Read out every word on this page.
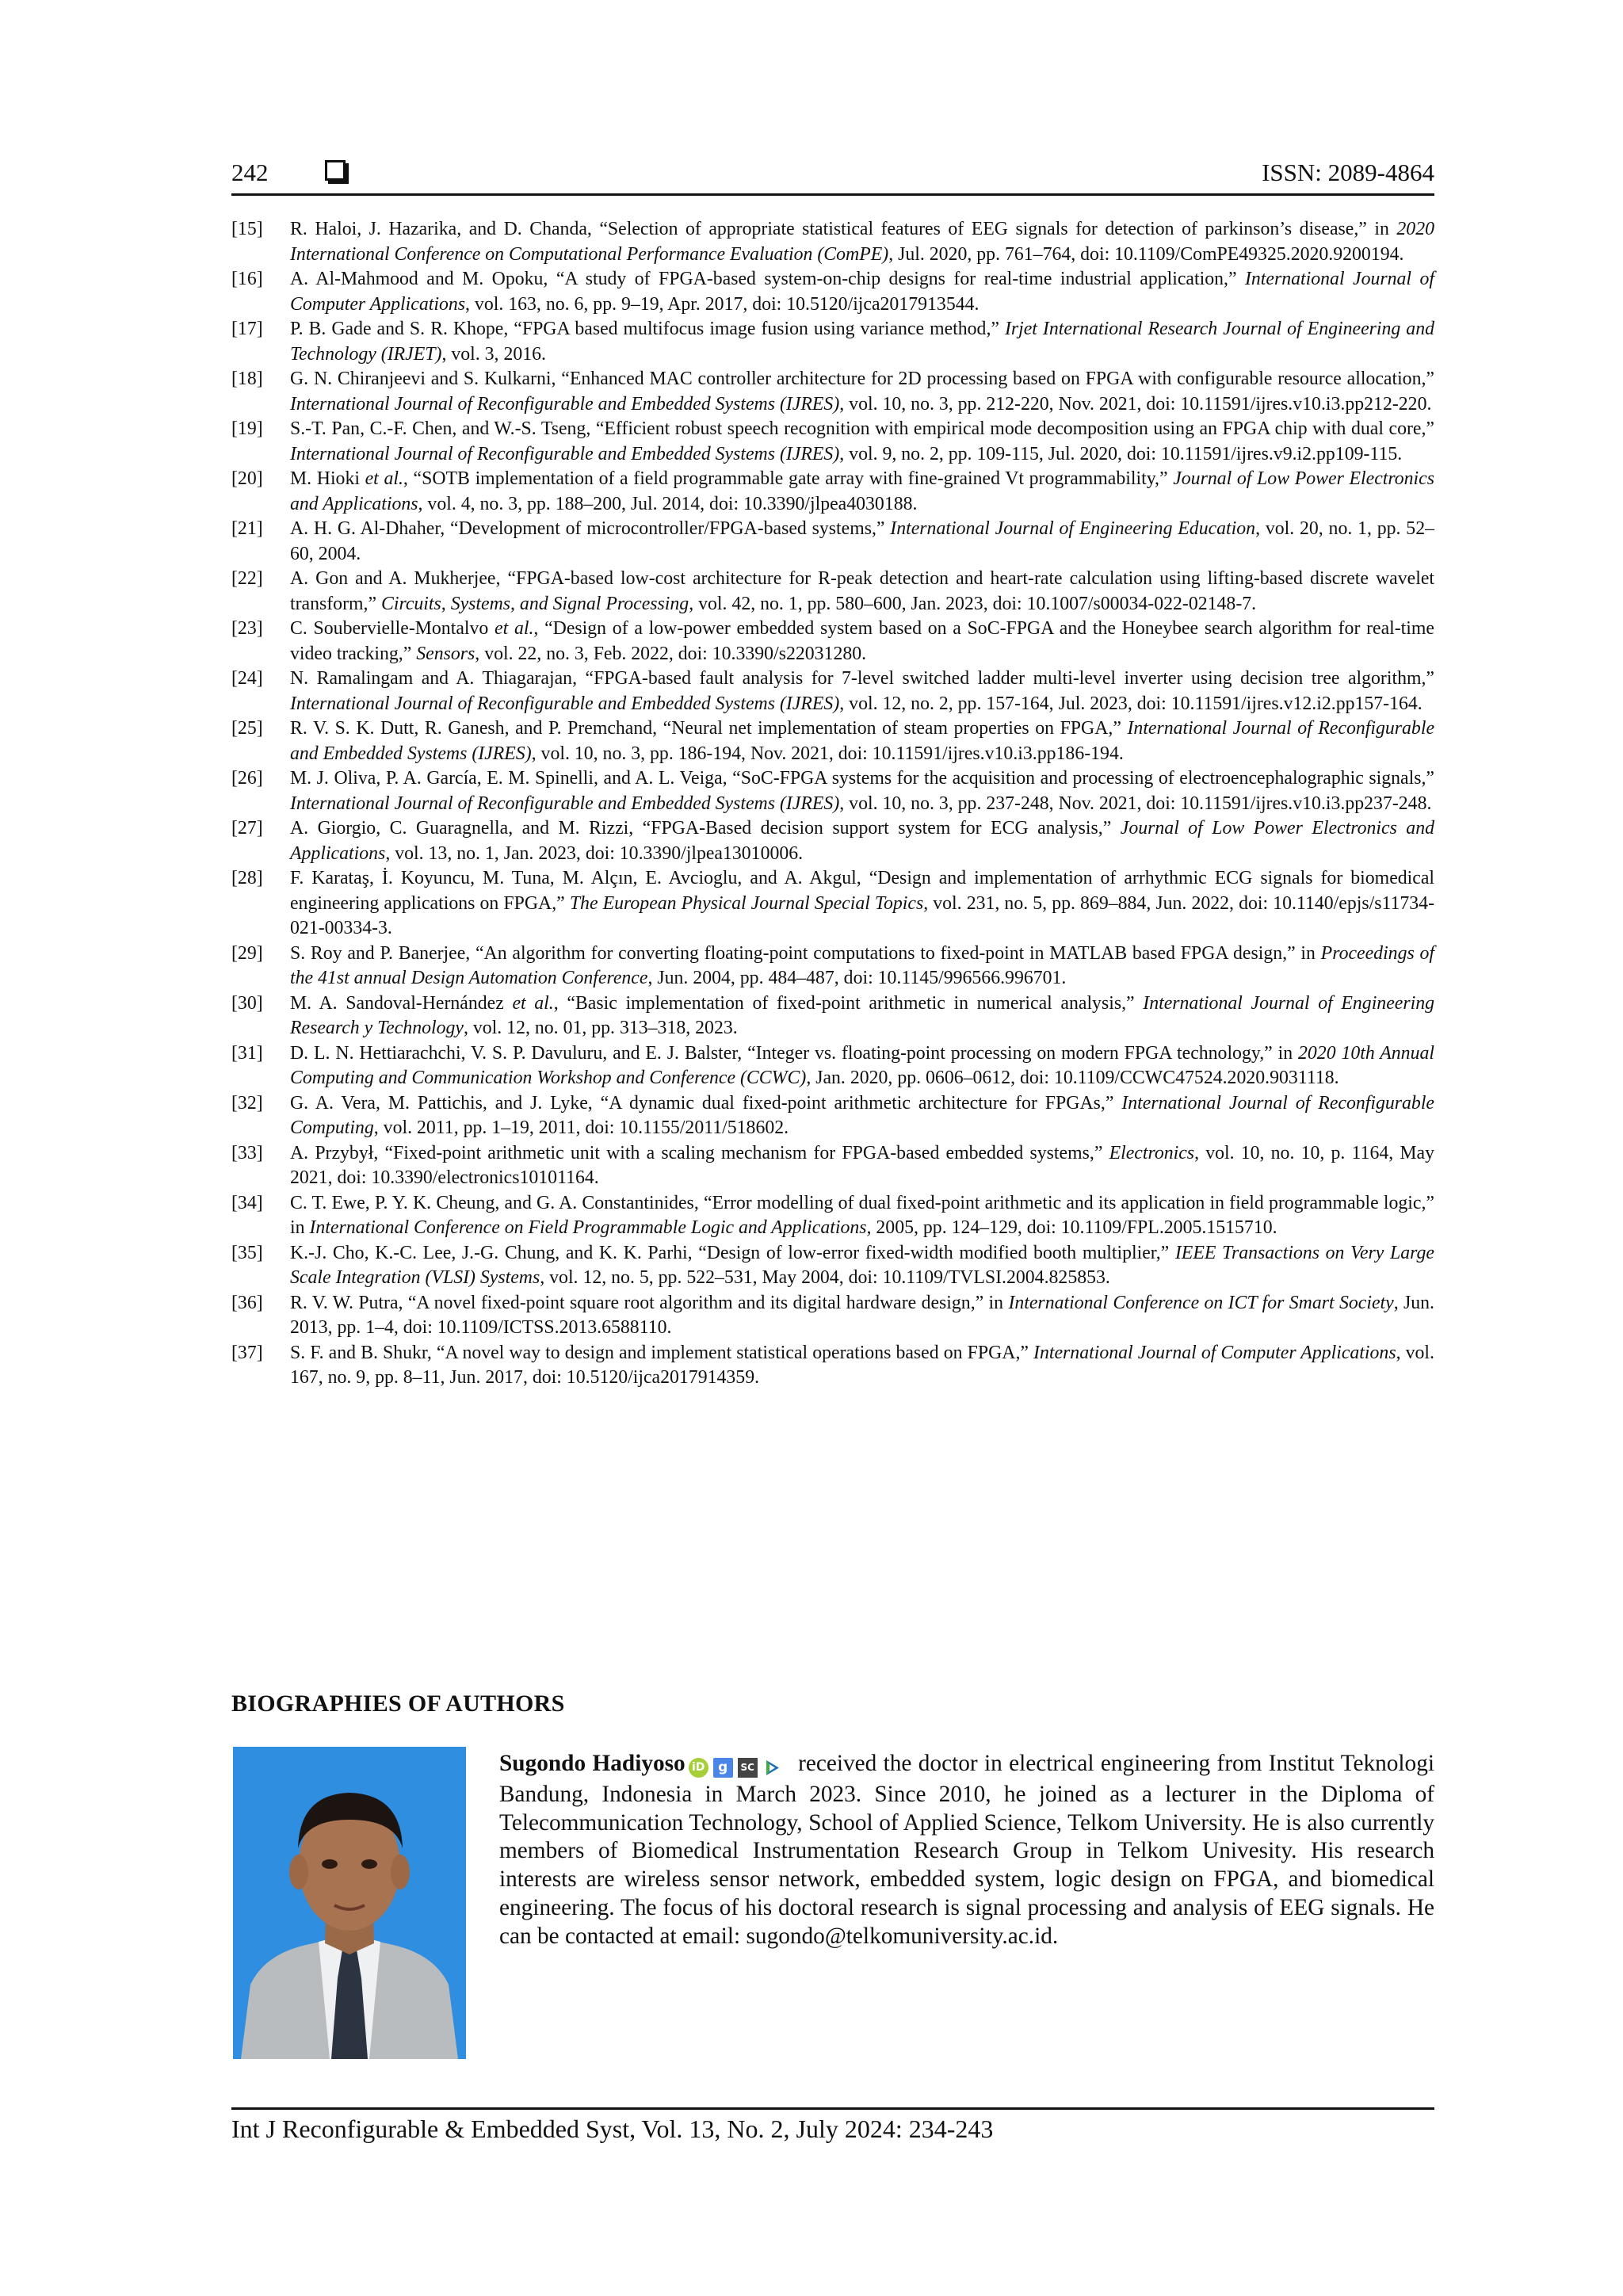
242	ISSN: 2089-4864
[15]	R. Haloi, J. Hazarika, and D. Chanda, “Selection of appropriate statistical features of EEG signals for detection of parkinson’s disease,” in 2020 International Conference on Computational Performance Evaluation (ComPE), Jul. 2020, pp. 761–764, doi: 10.1109/ComPE49325.2020.9200194.
[16]	A. Al-Mahmood and M. Opoku, “A study of FPGA-based system-on-chip designs for real-time industrial application,” International Journal of Computer Applications, vol. 163, no. 6, pp. 9–19, Apr. 2017, doi: 10.5120/ijca2017913544.
[17]	P. B. Gade and S. R. Khope, “FPGA based multifocus image fusion using variance method,” Irjet International Research Journal of Engineering and Technology (IRJET), vol. 3, 2016.
[18]	G. N. Chiranjeevi and S. Kulkarni, “Enhanced MAC controller architecture for 2D processing based on FPGA with configurable resource allocation,” International Journal of Reconfigurable and Embedded Systems (IJRES), vol. 10, no. 3, pp. 212-220, Nov. 2021, doi: 10.11591/ijres.v10.i3.pp212-220.
[19]	S.-T. Pan, C.-F. Chen, and W.-S. Tseng, “Efficient robust speech recognition with empirical mode decomposition using an FPGA chip with dual core,” International Journal of Reconfigurable and Embedded Systems (IJRES), vol. 9, no. 2, pp. 109-115, Jul. 2020, doi: 10.11591/ijres.v9.i2.pp109-115.
[20]	M. Hioki et al., “SOTB implementation of a field programmable gate array with fine-grained Vt programmability,” Journal of Low Power Electronics and Applications, vol. 4, no. 3, pp. 188–200, Jul. 2014, doi: 10.3390/jlpea4030188.
[21]	A. H. G. Al-Dhaher, “Development of microcontroller/FPGA-based systems,” International Journal of Engineering Education, vol. 20, no. 1, pp. 52–60, 2004.
[22]	A. Gon and A. Mukherjee, “FPGA-based low-cost architecture for R-peak detection and heart-rate calculation using lifting-based discrete wavelet transform,” Circuits, Systems, and Signal Processing, vol. 42, no. 1, pp. 580–600, Jan. 2023, doi: 10.1007/s00034-022-02148-7.
[23]	C. Soubervielle-Montalvo et al., “Design of a low-power embedded system based on a SoC-FPGA and the Honeybee search algorithm for real-time video tracking,” Sensors, vol. 22, no. 3, Feb. 2022, doi: 10.3390/s22031280.
[24]	N. Ramalingam and A. Thiagarajan, “FPGA-based fault analysis for 7-level switched ladder multi-level inverter using decision tree algorithm,” International Journal of Reconfigurable and Embedded Systems (IJRES), vol. 12, no. 2, pp. 157-164, Jul. 2023, doi: 10.11591/ijres.v12.i2.pp157-164.
[25]	R. V. S. K. Dutt, R. Ganesh, and P. Premchand, “Neural net implementation of steam properties on FPGA,” International Journal of Reconfigurable and Embedded Systems (IJRES), vol. 10, no. 3, pp. 186-194, Nov. 2021, doi: 10.11591/ijres.v10.i3.pp186-194.
[26]	M. J. Oliva, P. A. García, E. M. Spinelli, and A. L. Veiga, “SoC-FPGA systems for the acquisition and processing of electroencephalographic signals,” International Journal of Reconfigurable and Embedded Systems (IJRES), vol. 10, no. 3, pp. 237-248, Nov. 2021, doi: 10.11591/ijres.v10.i3.pp237-248.
[27]	A. Giorgio, C. Guaragnella, and M. Rizzi, “FPGA-Based decision support system for ECG analysis,” Journal of Low Power Electronics and Applications, vol. 13, no. 1, Jan. 2023, doi: 10.3390/jlpea13010006.
[28]	F. Karataş, İ. Koyuncu, M. Tuna, M. Alçın, E. Avcioglu, and A. Akgul, “Design and implementation of arrhythmic ECG signals for biomedical engineering applications on FPGA,” The European Physical Journal Special Topics, vol. 231, no. 5, pp. 869–884, Jun. 2022, doi: 10.1140/epjs/s11734-021-00334-3.
[29]	S. Roy and P. Banerjee, “An algorithm for converting floating-point computations to fixed-point in MATLAB based FPGA design,” in Proceedings of the 41st annual Design Automation Conference, Jun. 2004, pp. 484–487, doi: 10.1145/996566.996701.
[30]	M. A. Sandoval-Hernández et al., “Basic implementation of fixed-point arithmetic in numerical analysis,” International Journal of Engineering Research y Technology, vol. 12, no. 01, pp. 313–318, 2023.
[31]	D. L. N. Hettiarachchi, V. S. P. Davuluru, and E. J. Balster, “Integer vs. floating-point processing on modern FPGA technology,” in 2020 10th Annual Computing and Communication Workshop and Conference (CCWC), Jan. 2020, pp. 0606–0612, doi: 10.1109/CCWC47524.2020.9031118.
[32]	G. A. Vera, M. Pattichis, and J. Lyke, “A dynamic dual fixed-point arithmetic architecture for FPGAs,” International Journal of Reconfigurable Computing, vol. 2011, pp. 1–19, 2011, doi: 10.1155/2011/518602.
[33]	A. Przybył, “Fixed-point arithmetic unit with a scaling mechanism for FPGA-based embedded systems,” Electronics, vol. 10, no. 10, p. 1164, May 2021, doi: 10.3390/electronics10101164.
[34]	C. T. Ewe, P. Y. K. Cheung, and G. A. Constantinides, “Error modelling of dual fixed-point arithmetic and its application in field programmable logic,” in International Conference on Field Programmable Logic and Applications, 2005, pp. 124–129, doi: 10.1109/FPL.2005.1515710.
[35]	K.-J. Cho, K.-C. Lee, J.-G. Chung, and K. K. Parhi, “Design of low-error fixed-width modified booth multiplier,” IEEE Transactions on Very Large Scale Integration (VLSI) Systems, vol. 12, no. 5, pp. 522–531, May 2004, doi: 10.1109/TVLSI.2004.825853.
[36]	R. V. W. Putra, “A novel fixed-point square root algorithm and its digital hardware design,” in International Conference on ICT for Smart Society, Jun. 2013, pp. 1–4, doi: 10.1109/ICTSS.2013.6588110.
[37]	S. F. and B. Shukr, “A novel way to design and implement statistical operations based on FPGA,” International Journal of Computer Applications, vol. 167, no. 9, pp. 8–11, Jun. 2017, doi: 10.5120/ijca2017914359.
BIOGRAPHIES OF AUTHORS
Sugondo Hadiyoso iD g SC received the doctor in electrical engineering from Institut Teknologi Bandung, Indonesia in March 2023. Since 2010, he joined as a lecturer in the Diploma of Telecommunication Technology, School of Applied Science, Telkom University. He is also currently members of Biomedical Instrumentation Research Group in Telkom Univesity. His research interests are wireless sensor network, embedded system, logic design on FPGA, and biomedical engineering. The focus of his doctoral research is signal processing and analysis of EEG signals. He can be contacted at email: sugondo@telkomuniversity.ac.id.
Int J Reconfigurable & Embedded Syst, Vol. 13, No. 2, July 2024: 234-243
